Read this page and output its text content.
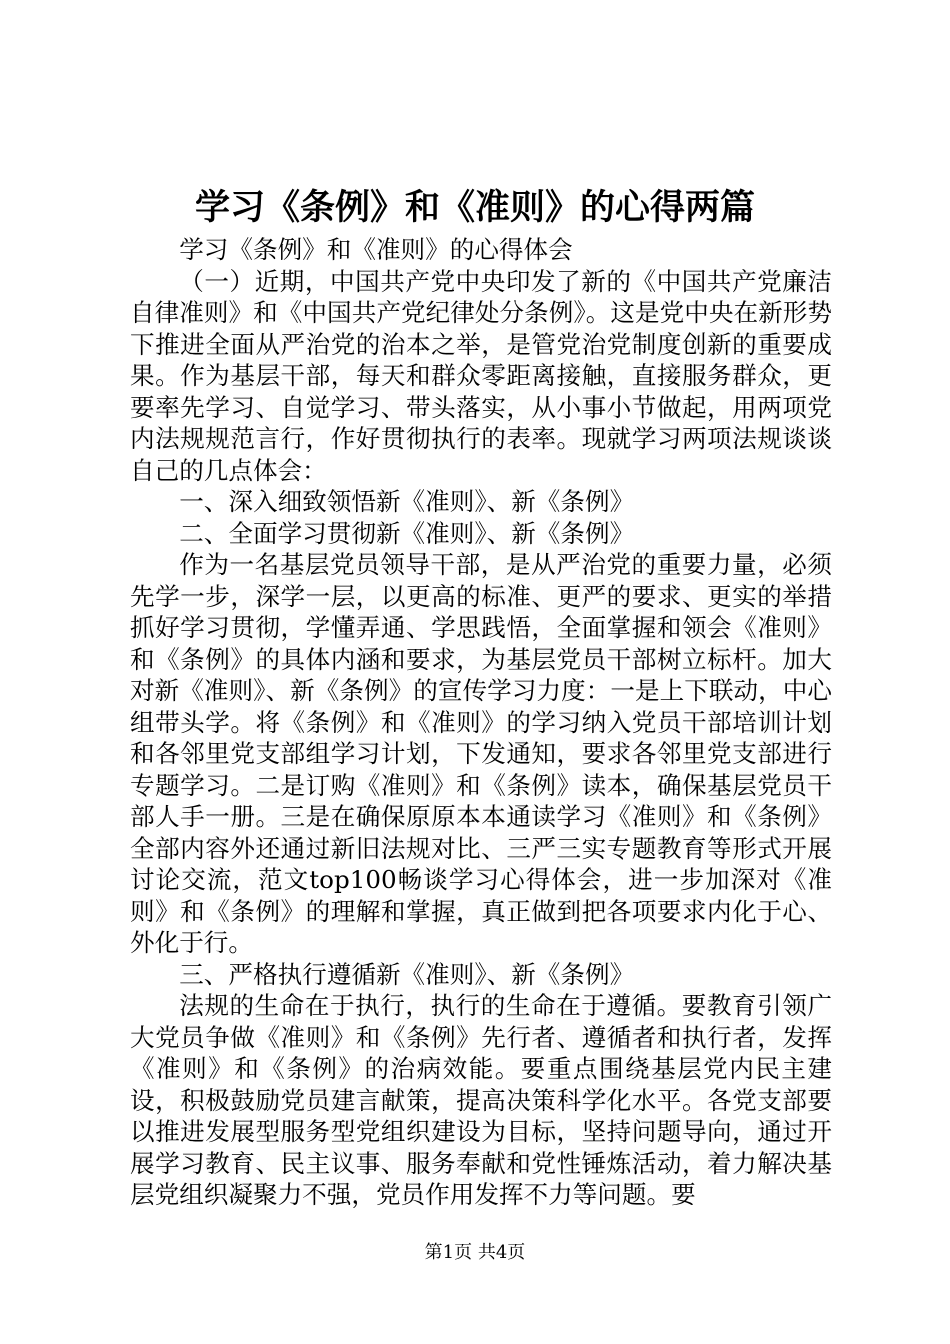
学习《条例》和《准则》的心得两篇

学习《条例》和《准则》的心得体会

（一）近期，中国共产党中央印发了新的《中国共产党廉洁自律准则》和《中国共产党纪律处分条例》。这是党中央在新形势下推进全面从严治党的治本之举，是管党治党制度创新的重要成果。作为基层干部，每天和群众零距离接触，直接服务群众，更要率先学习、自觉学习、带头落实，从小事小节做起，用两项党内法规规范言行，作好贯彻执行的表率。现就学习两项法规谈谈自己的几点体会：

一、深入细致领悟新《准则》、新《条例》

二、全面学习贯彻新《准则》、新《条例》

作为一名基层党员领导干部，是从严治党的重要力量，必须先学一步，深学一层，以更高的标准、更严的要求、更实的举措抓好学习贯彻，学懂弄通、学思践悟，全面掌握和领会《准则》和《条例》的具体内涵和要求，为基层党员干部树立标杆。加大对新《准则》、新《条例》的宣传学习力度：一是上下联动，中心组带头学。将《条例》和《准则》的学习纳入党员干部培训计划和各邻里党支部组学习计划，下发通知，要求各邻里党支部进行专题学习。二是订购《准则》和《条例》读本，确保基层党员干部人手一册。三是在确保原原本本通读学习《准则》和《条例》全部内容外还通过新旧法规对比、三严三实专题教育等形式开展讨论交流，范文top100畅谈学习心得体会，进一步加深对《准则》和《条例》的理解和掌握，真正做到把各项要求内化于心、外化于行。

三、严格执行遵循新《准则》、新《条例》

法规的生命在于执行，执行的生命在于遵循。要教育引领广大党员争做《准则》和《条例》先行者、遵循者和执行者，发挥《准则》和《条例》的治病效能。要重点围绕基层党内民主建设，积极鼓励党员建言献策，提高决策科学化水平。各党支部要以推进发展型服务型党组织建设为目标，坚持问题导向，通过开展学习教育、民主议事、服务奉献和党性锤炼活动，着力解决基层党组织凝聚力不强，党员作用发挥不力等问题。要

第1页 共4页
